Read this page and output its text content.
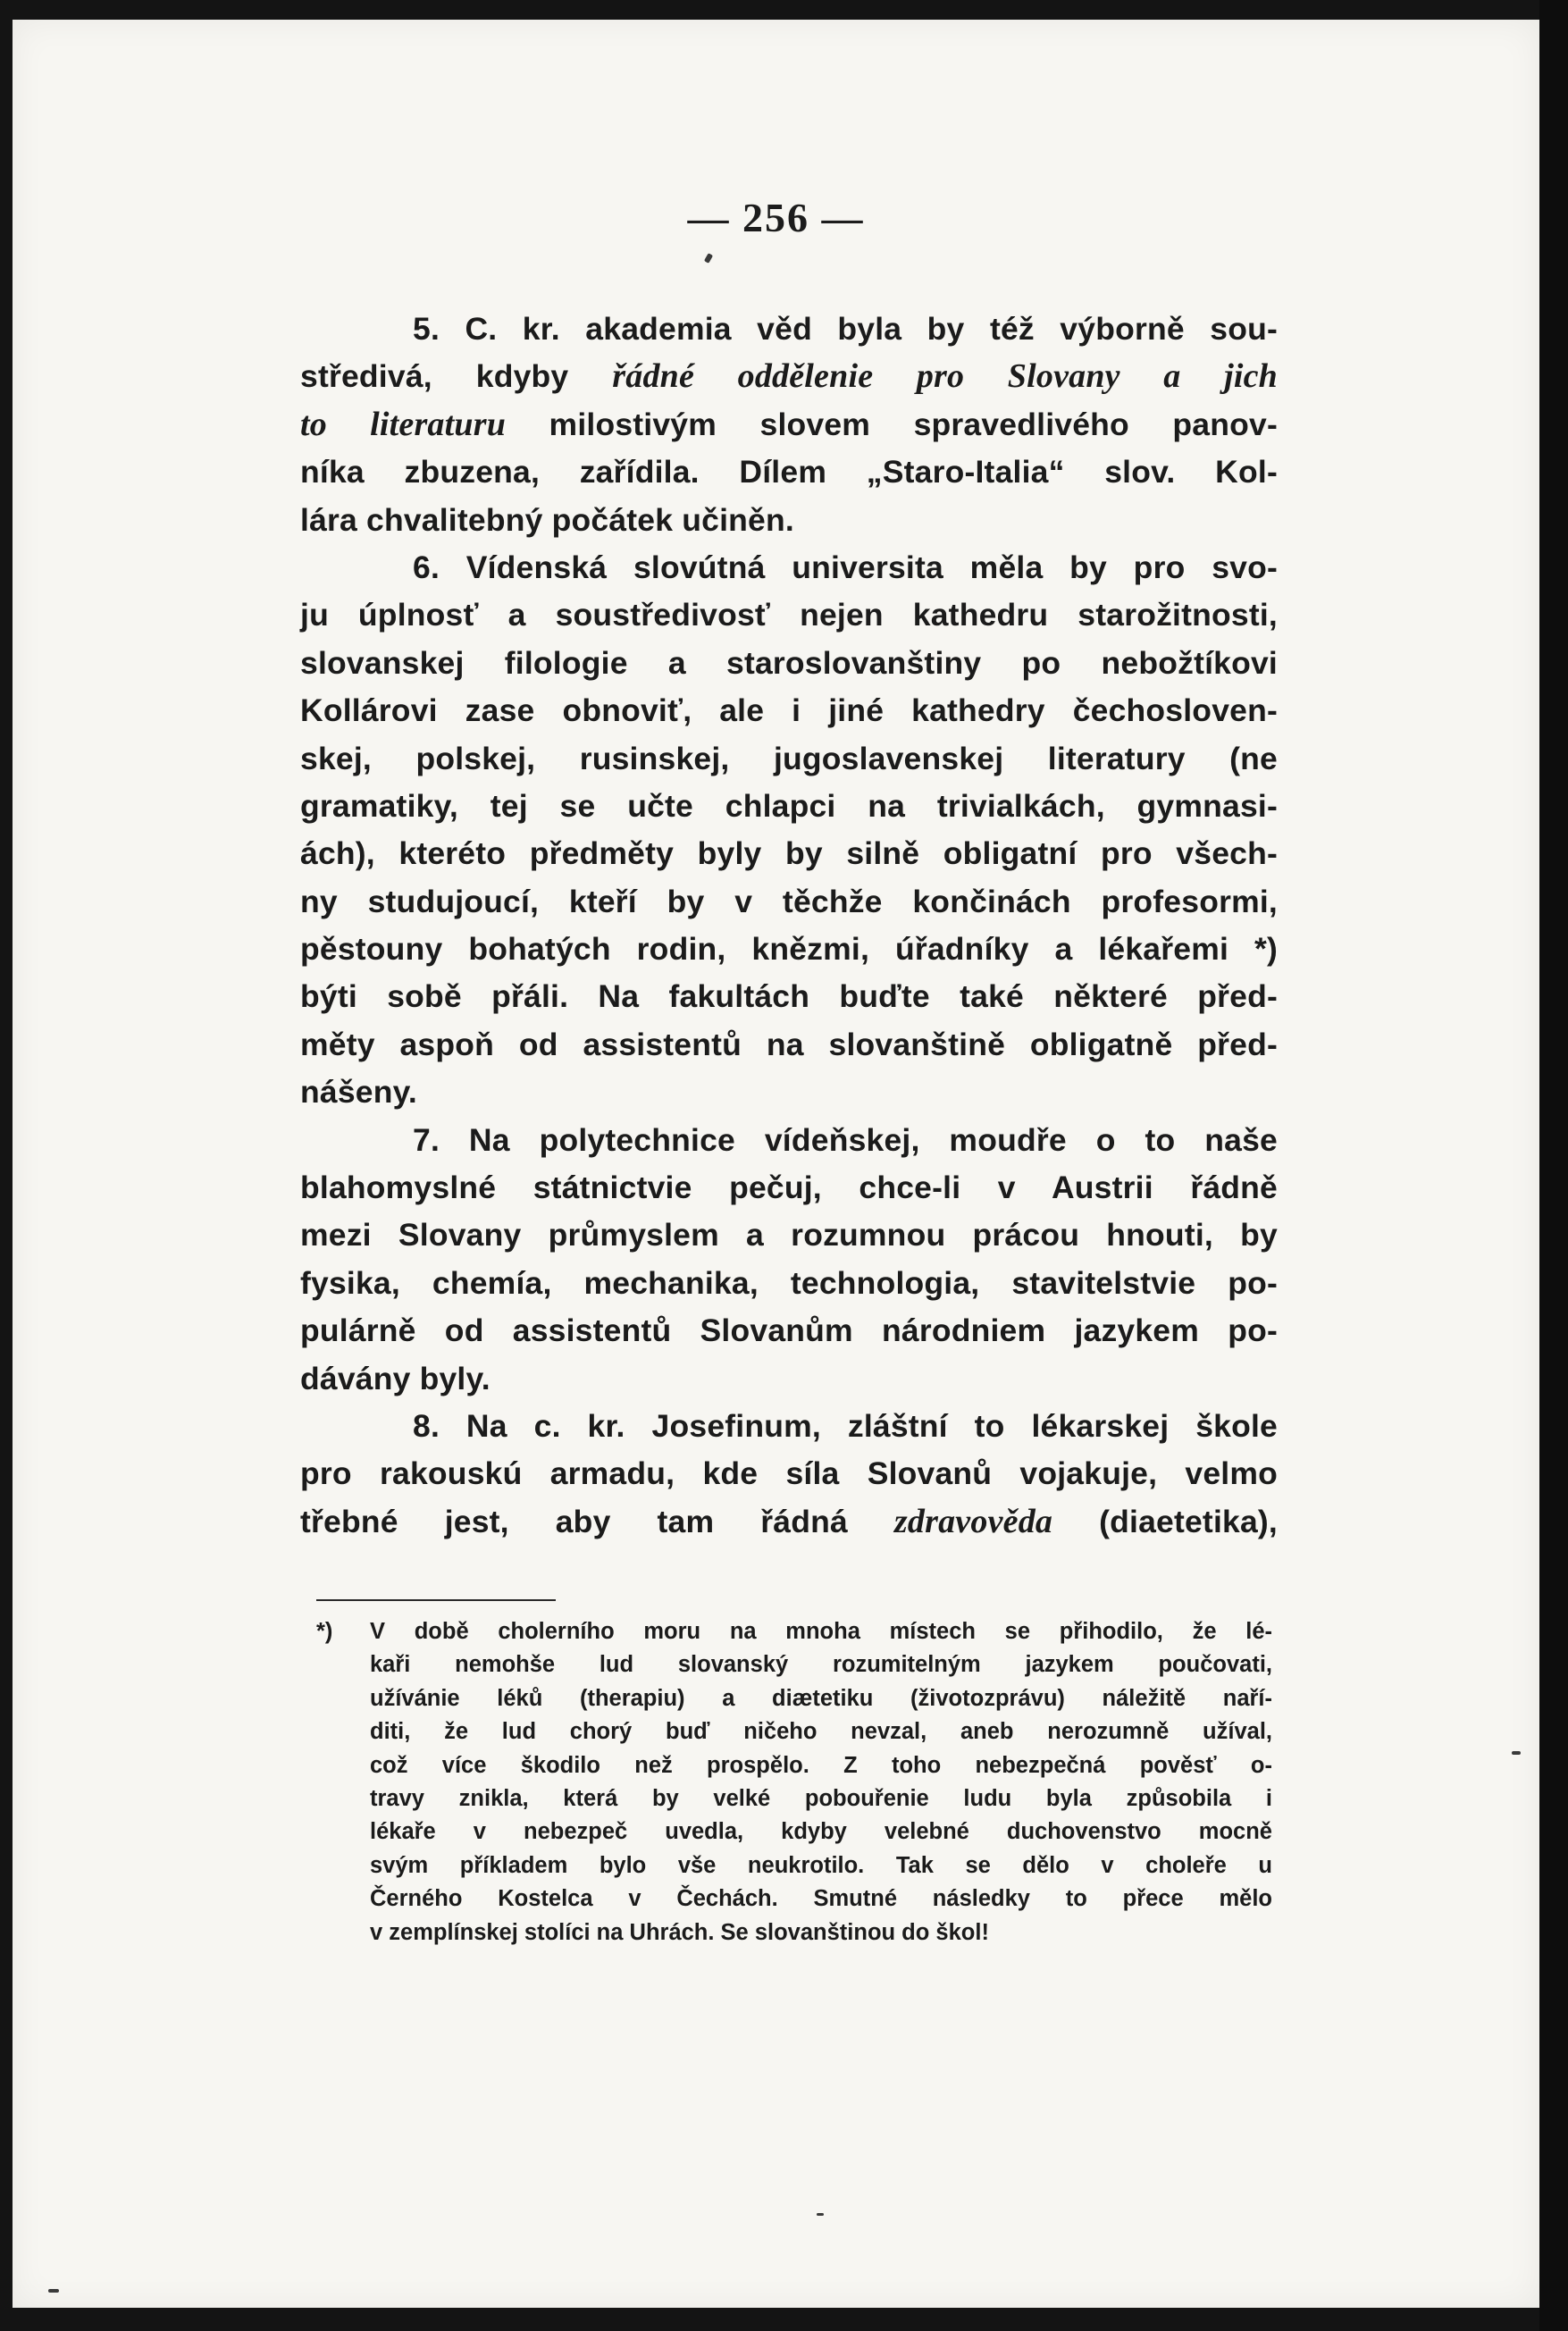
— 256 —
5. C. kr. akademia věd byla by též výborně sou-
středivá, kdyby řádné oddělenie pro Slovany a jich
to literaturu milostivým slovem spravedlivého panov-
níka zbuzena, zařídila. Dílem „Staro-Italia“ slov. Kol-
lára chvalitebný počátek učiněn.
6. Vídenská slovútná universita měla by pro svo-
ju úplnosť a soustředivosť nejen kathedru starožitnosti,
slovanskej filologie a staroslovanštiny po nebožtíkovi
Kollárovi zase obnoviť, ale i jiné kathedry čechosloven-
skej, polskej, rusinskej, jugoslavenskej literatury (ne
gramatiky, tej se učte chlapci na trivialkách, gymnasi-
ách), kteréto předměty byly by silně obligatní pro všech-
ny studujoucí, kteří by v těchže končinách profesormi,
pěstouny bohatých rodin, knězmi, úřadníky a lékařemi *)
býti sobě přáli. Na fakultách buďte také některé před-
měty aspoň od assistentů na slovanštině obligatně před-
nášeny.
7. Na polytechnice vídeňskej, moudře o to naše
blahomyslné státnictvie pečuj, chce-li v Austrii řádně
mezi Slovany průmyslem a rozumnou prácou hnouti, by
fysika, chemía, mechanika, technologia, stavitelstvie po-
pulárně od assistentů Slovanům národniem jazykem po-
dávány byly.
8. Na c. kr. Josefinum, zláštní to lékarskej škole
pro rakouskú armadu, kde síla Slovanů vojakuje, velmo
třebné jest, aby tam řádná zdravověda (diaetetika),
*) V době cholerního moru na mnoha místech se přihodilo, že lé-
kaři nemohše lud slovanský rozumitelným jazykem poučovati,
užívánie léků (therapiu) a diætetiku (životozprávu) náležitě naří-
diti, že lud chorý buď ničeho nevzal, aneb nerozumně užíval,
což více škodilo než prospělo. Z toho nebezpečná pověsť o-
travy znikla, která by velké pobouřenie ludu byla způsobila i
lékaře v nebezpeč uvedla, kdyby velebné duchovenstvo mocně
svým příkladem bylo vše neukrotilo. Tak se dělo v choleře u
Černého Kostelca v Čechách. Smutné následky to přece mělo
v zemplínskej stolíci na Uhrách. Se slovanštinou do škol!
